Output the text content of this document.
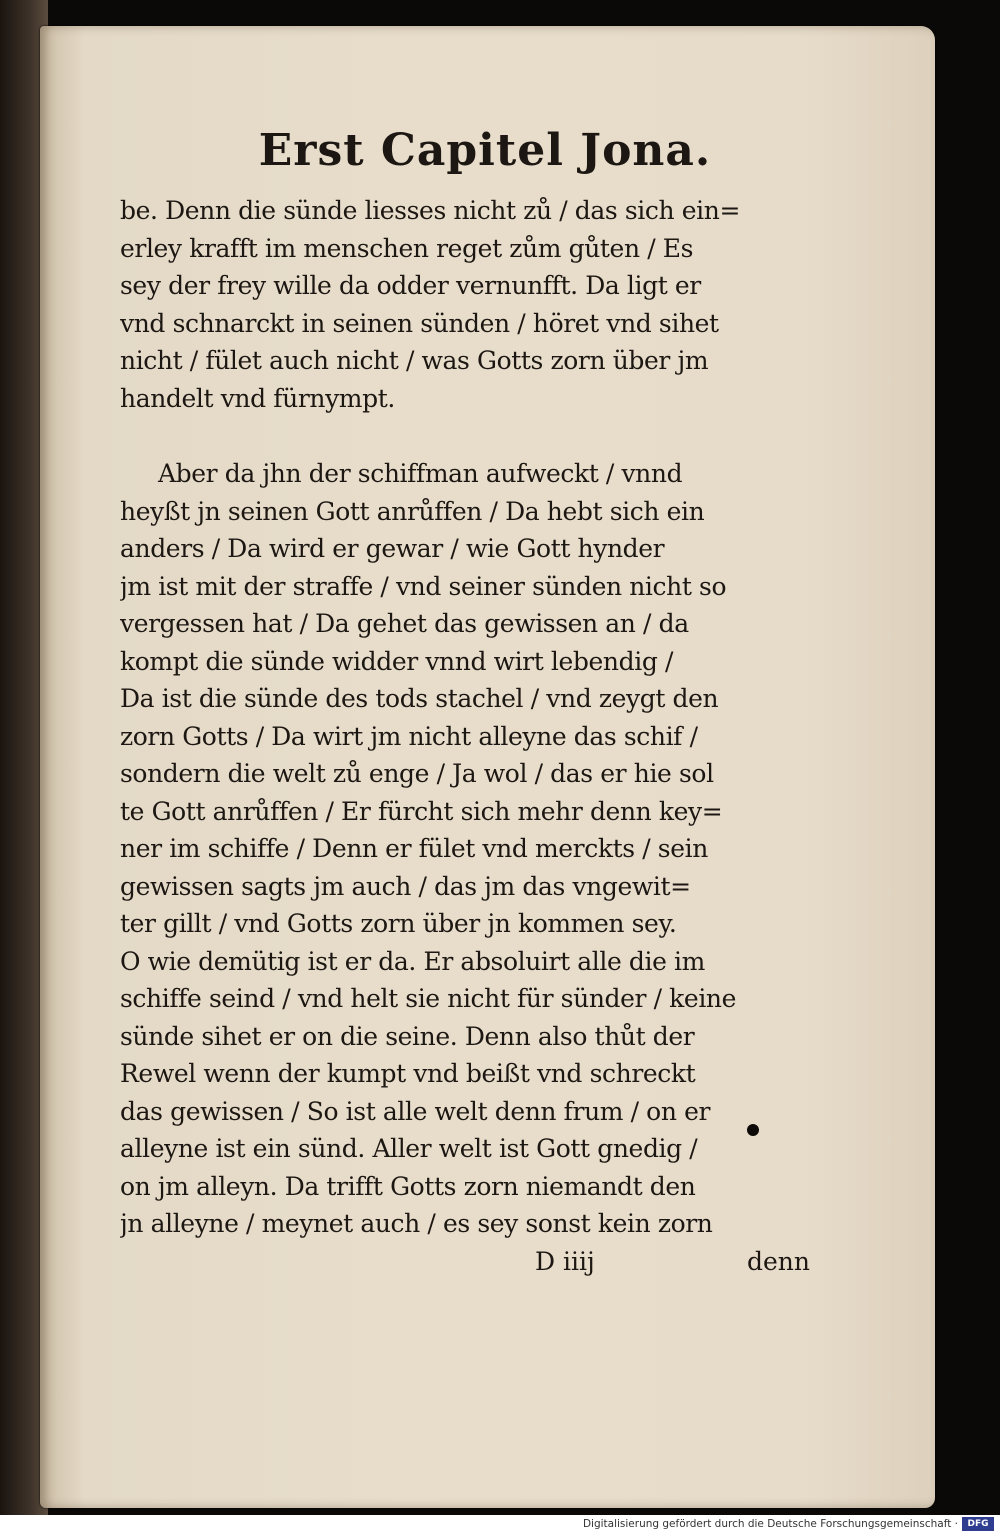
Erst Capitel Jona.
be. Denn die sünde liesses nicht zů / das sich ein=
erley krafft im menschen reget zům gůten / Es
sey der frey wille da odder vernunfft. Da ligt er
vnd schnarckt in seinen sünden / höret vnd sihet
nicht / fület auch nicht / was Gotts zorn über jm
handelt vnd fürnympt.
Aber da jhn der schiffman aufweckt / vnnd
heyßt jn seinen Gott anrůffen / Da hebt sich ein
anders / Da wird er gewar / wie Gott hynder
jm ist mit der straffe / vnd seiner sünden nicht so
vergessen hat / Da gehet das gewissen an / da
kompt die sünde widder vnnd wirt lebendig /
Da ist die sünde des tods stachel / vnd zeygt den
zorn Gotts / Da wirt jm nicht alleyne das schif /
sondern die welt zů enge / Ja wol / das er hie sol
te Gott anrůffen / Er fürcht sich mehr denn key=
ner im schiffe / Denn er fület vnd merckts / sein
gewissen sagts jm auch / das jm das vngewit=
ter gillt / vnd Gotts zorn über jn kommen sey.
O wie demütig ist er da. Er absoluirt alle die im
schiffe seind / vnd helt sie nicht für sünder / keine
sünde sihet er on die seine. Denn also thůt der
Rewel wenn der kumpt vnd beißt vnd schreckt
das gewissen / So ist alle welt denn frum / on er
alleyne ist ein sünd. Aller welt ist Gott gnedig /
on jm alleyn. Da trifft Gotts zorn niemandt den
jn alleyne / meynet auch / es sey sonst kein zorn
D iiij	denn
Digitalisierung gefördert durch die Deutsche Forschungsgemeinschaft ·	DFG
